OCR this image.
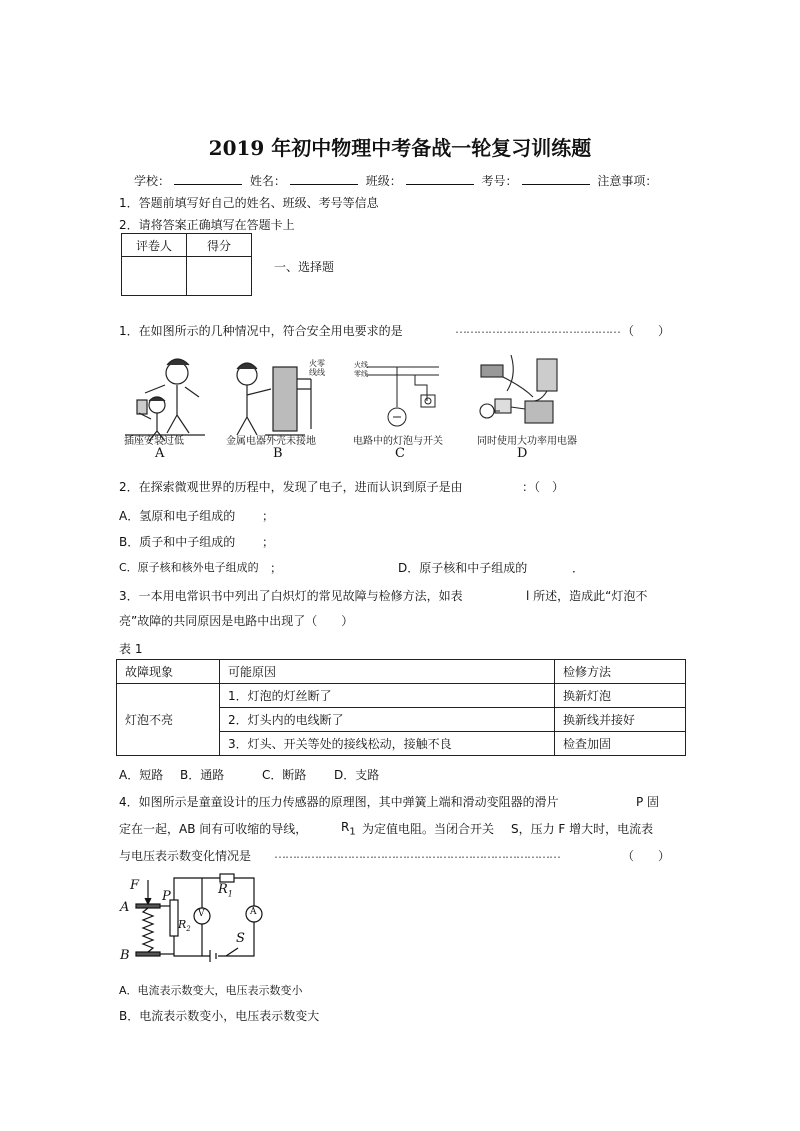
2019 年初中物理中考备战一轮复习训练题
学校：	姓名：	班级：	考号：	注意事项：
1．答题前填写好自己的姓名、班级、考号等信息
2．请将答案正确填写在答题卡上
评卷人	得分

一、选择题
1．在如图所示的几种情况中，符合安全用电要求的是	……………………………………… （　　）
插座安装过低	金属电器外壳未接地	电路中的灯泡与开关	同时使用大功率用电器
火零线线
火线
零线
A	B	C	D
2．在探索微观世界的历程中，发现了电子，进而认识到原子是由	：（　）
A．氢原和电子组成的 ；
B．质子和中子组成的 ；
C．原子核和核外电子组成的 ；	D．原子核和中子组成的	．
3．一本用电常识书中列出了白炽灯的常见故障与检修方法，如表	l 所述，造成此“灯泡不
亮”故障的共同原因是电路中出现了（　　）
表 1
故障现象	可能原因	检修方法
灯泡不亮	1．灯泡的灯丝断了	换新灯泡
	2．灯头内的电线断了	换新线并接好
	3．灯头、开关等处的接线松动，接触不良	检查加固
A．短路 B．通路	C．断路 D．支路
4．如图所示是童童设计的压力传感器的原理图，其中弹簧上端和滑动变阻器的滑片	P 固
定在一起，AB 间有可收缩的导线，	$R_1$ 为定值电阻。当闭合开关 S，压力 F 增大时，电流表
与电压表示数变化情况是 ……………………………………………………………………	（　　）
F
A
B
P	$R_1$
$R_2$
V	A
S
A．电流表示数变大，电压表示数变小
B．电流表示数变小，电压表示数变大
